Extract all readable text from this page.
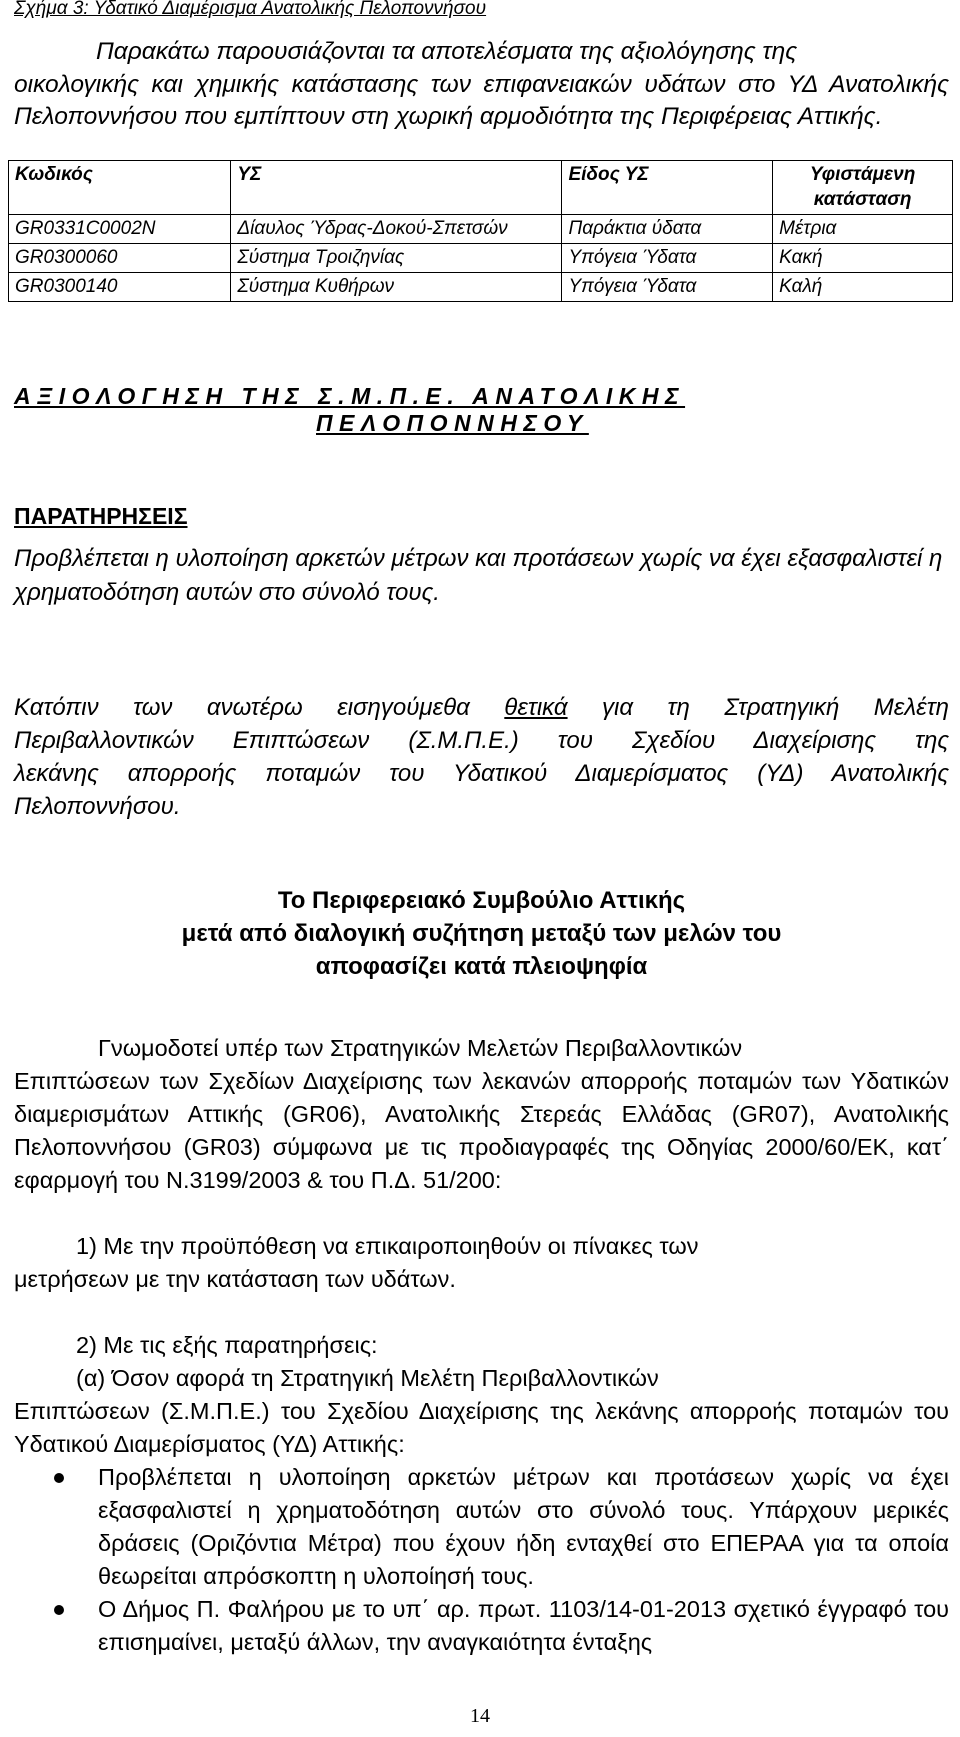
Σχήμα 3: Υδατικό Διαμέρισμα Ανατολικής Πελοποννήσου
Παρακάτω παρουσιάζονται τα αποτελέσματα της αξιολόγησης της
οικολογικής και χημικής κατάστασης των επιφανειακών υδάτων στο ΥΔ Ανατολικής Πελοποννήσου που εμπίπτουν στη χωρική αρμοδιότητα της Περιφέρειας Αττικής.
Κωδικός	ΥΣ	Είδος ΥΣ	Υφιστάμενη κατάσταση
GR0331C0002N	Δίαυλος Ύδρας-Δοκού-Σπετσών	Παράκτια ύδατα	Μέτρια
GR0300060	Σύστημα Τροιζηνίας	Υπόγεια Ύδατα	Κακή
GR0300140	Σύστημα Κυθήρων	Υπόγεια Ύδατα	Καλή
ΑΞΙΟΛΟΓΗΣΗ ΤΗΣ Σ.Μ.Π.Ε. ΑΝΑΤΟΛΙΚΗΣ
ΠΕΛΟΠΟΝΝΗΣΟΥ
ΠΑΡΑΤΗΡΗΣΕΙΣ
Προβλέπεται η υλοποίηση αρκετών μέτρων και προτάσεων χωρίς να έχει εξασφαλιστεί η χρηματοδότηση αυτών στο σύνολό τους.
Κατόπιν των ανωτέρω εισηγούμεθα θετικά για τη Στρατηγική Μελέτη
Περιβαλλοντικών Επιπτώσεων (Σ.Μ.Π.Ε.) του Σχεδίου Διαχείρισης της
λεκάνης απορροής ποταμών του Υδατικού Διαμερίσματος (ΥΔ) Ανατολικής
Πελοποννήσου.
Το Περιφερειακό Συμβούλιο Αττικής
μετά από διαλογική συζήτηση μεταξύ των μελών του
αποφασίζει κατά πλειοψηφία
Γνωμοδοτεί υπέρ των Στρατηγικών Μελετών Περιβαλλοντικών
Επιπτώσεων των Σχεδίων Διαχείρισης των λεκανών απορροής ποταμών των Υδατικών διαμερισμάτων Αττικής (GR06), Ανατολικής Στερεάς Ελλάδας (GR07), Ανατολικής Πελοποννήσου (GR03) σύμφωνα με τις προδιαγραφές της Οδηγίας 2000/60/ΕΚ, κατ΄ εφαρμογή του Ν.3199/2003 & του Π.Δ. 51/200:
1) Με την προϋπόθεση να επικαιροποιηθούν οι πίνακες των
μετρήσεων με την κατάσταση των υδάτων.
2) Με τις εξής παρατηρήσεις:
(α) Όσον αφορά τη Στρατηγική Μελέτη Περιβαλλοντικών
Επιπτώσεων (Σ.Μ.Π.Ε.) του Σχεδίου Διαχείρισης της λεκάνης απορροής ποταμών του Υδατικού Διαμερίσματος (ΥΔ) Αττικής:

Προβλέπεται η υλοποίηση αρκετών μέτρων και προτάσεων χωρίς να έχει εξασφαλιστεί η χρηματοδότηση αυτών στο σύνολό τους. Υπάρχουν μερικές δράσεις (Οριζόντια Μέτρα) που έχουν ήδη ενταχθεί στο ΕΠΕΡΑΑ για τα οποία θεωρείται απρόσκοπτη η υλοποίησή τους.

Ο Δήμος Π. Φαλήρου με το υπ΄ αρ. πρωτ. 1103/14-01-2013 σχετικό έγγραφό του επισημαίνει, μεταξύ άλλων, την αναγκαιότητα ένταξης

14
